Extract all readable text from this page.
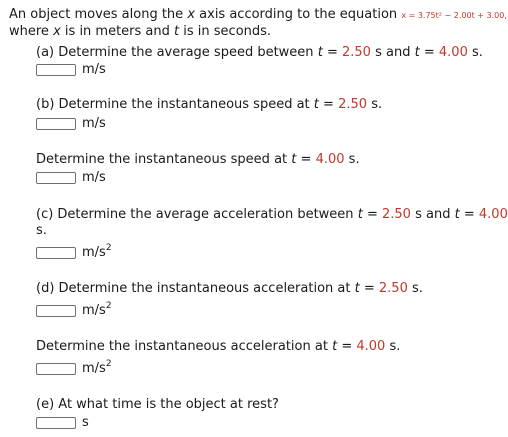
An object moves along the x axis according to the equation x = 3.75t² − 2.00t + 3.00,
where x is in meters and t is in seconds.
(a) Determine the average speed between t = 2.50 s and t = 4.00 s.
m/s
(b) Determine the instantaneous speed at t = 2.50 s.
m/s
Determine the instantaneous speed at t = 4.00 s.
m/s
(c) Determine the average acceleration between t = 2.50 s and t = 4.00
s.
$m/s^2$
(d) Determine the instantaneous acceleration at t = 2.50 s.
$m/s^2$
Determine the instantaneous acceleration at t = 4.00 s.
$m/s^2$
(e) At what time is the object at rest?
s
